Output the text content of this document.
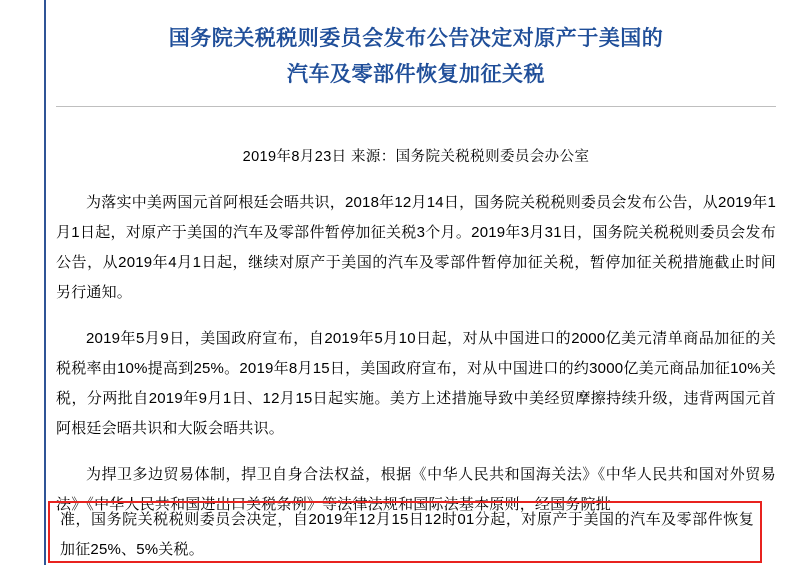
国务院关税税则委员会发布公告决定对原产于美国的
汽车及零部件恢复加征关税
2019年8月23日 来源：国务院关税税则委员会办公室

为落实中美两国元首阿根廷会晤共识，2018年12月14日，国务院关税税则委员会发布公告，从2019年1月1日起，对原产于美国的汽车及零部件暂停加征关税3个月。2019年3月31日，国务院关税税则委员会发布公告，从2019年4月1日起，继续对原产于美国的汽车及零部件暂停加征关税，暂停加征关税措施截止时间另行通知。

2019年5月9日，美国政府宣布，自2019年5月10日起，对从中国进口的2000亿美元清单商品加征的关税税率由10%提高到25%。2019年8月15日，美国政府宣布，对从中国进口的约3000亿美元商品加征10%关税，分两批自2019年9月1日、12月15日起实施。美方上述措施导致中美经贸摩擦持续升级，违背两国元首阿根廷会晤共识和大阪会晤共识。

为捍卫多边贸易体制，捍卫自身合法权益，根据《中华人民共和国海关法》《中华人民共和国对外贸易法》《中华人民共和国进出口关税条例》等法律法规和国际法基本原则，经国务院批

准，国务院关税税则委员会决定，自2019年12月15日12时01分起，对原产于美国的汽车及零部件恢复加征25%、5%关税。
